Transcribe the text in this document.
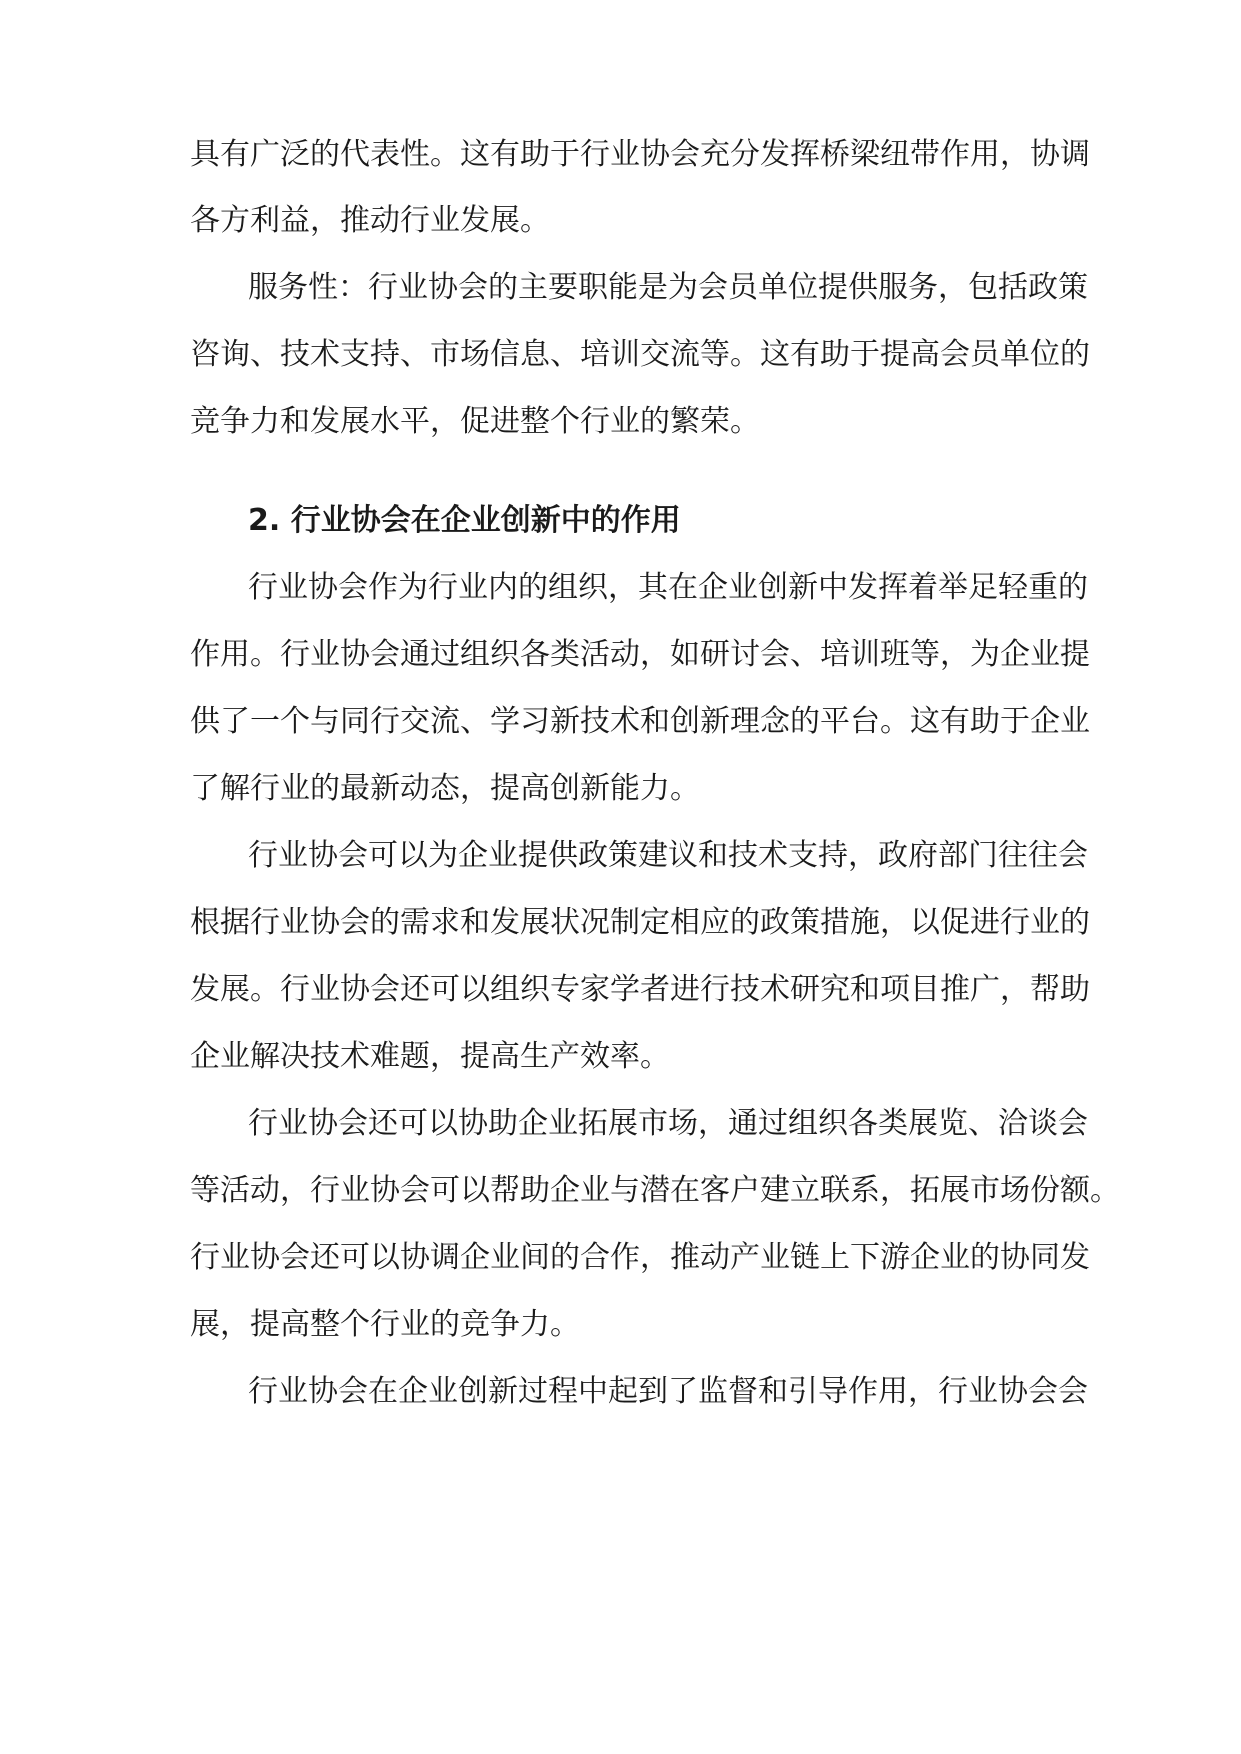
具有广泛的代表性。这有助于行业协会充分发挥桥梁纽带作用，协调
各方利益，推动行业发展。
服务性：行业协会的主要职能是为会员单位提供服务，包括政策
咨询、技术支持、市场信息、培训交流等。这有助于提高会员单位的
竞争力和发展水平，促进整个行业的繁荣。
2. 行业协会在企业创新中的作用
行业协会作为行业内的组织，其在企业创新中发挥着举足轻重的
作用。行业协会通过组织各类活动，如研讨会、培训班等，为企业提
供了一个与同行交流、学习新技术和创新理念的平台。这有助于企业
了解行业的最新动态，提高创新能力。
行业协会可以为企业提供政策建议和技术支持，政府部门往往会
根据行业协会的需求和发展状况制定相应的政策措施，以促进行业的
发展。行业协会还可以组织专家学者进行技术研究和项目推广，帮助
企业解决技术难题，提高生产效率。
行业协会还可以协助企业拓展市场，通过组织各类展览、洽谈会
等活动，行业协会可以帮助企业与潜在客户建立联系，拓展市场份额。
行业协会还可以协调企业间的合作，推动产业链上下游企业的协同发
展，提高整个行业的竞争力。
行业协会在企业创新过程中起到了监督和引导作用，行业协会会
